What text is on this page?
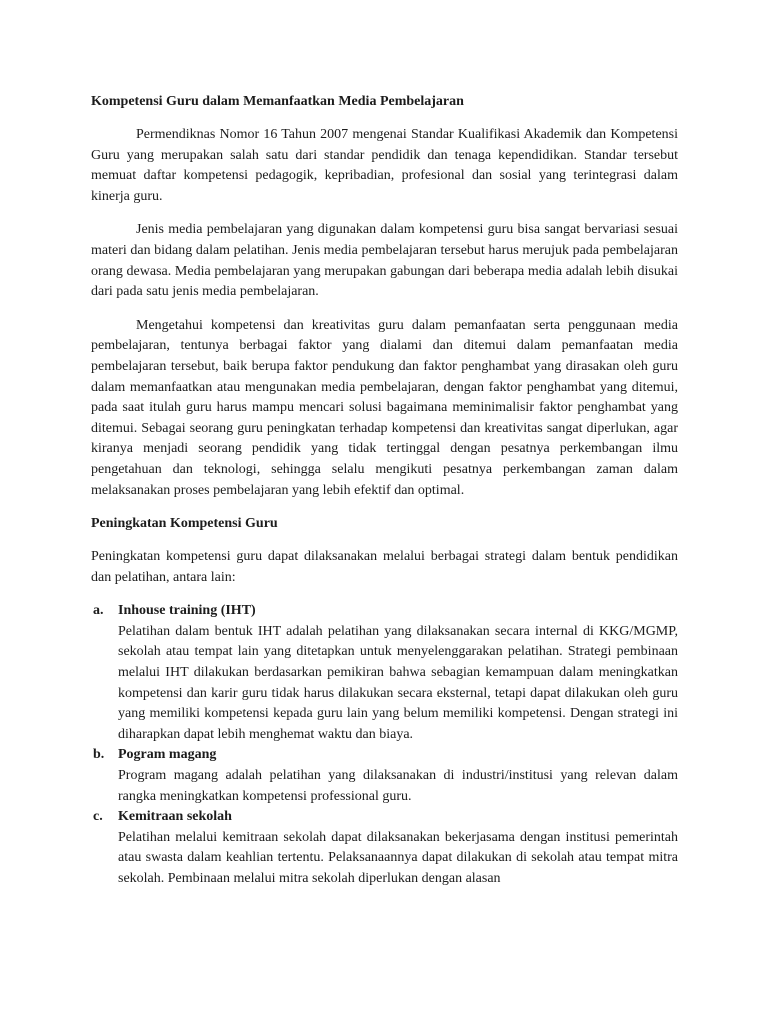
Kompetensi Guru dalam Memanfaatkan Media Pembelajaran

Permendiknas Nomor 16 Tahun 2007 mengenai Standar Kualifikasi Akademik dan Kompetensi Guru yang merupakan salah satu dari standar pendidik dan tenaga kependidikan. Standar tersebut memuat daftar kompetensi pedagogik, kepribadian, profesional dan sosial yang terintegrasi dalam kinerja guru.

Jenis media pembelajaran yang digunakan dalam kompetensi guru bisa sangat bervariasi sesuai materi dan bidang dalam pelatihan. Jenis media pembelajaran tersebut harus merujuk pada pembelajaran orang dewasa. Media pembelajaran yang merupakan gabungan dari beberapa media adalah lebih disukai dari pada satu jenis media pembelajaran.

Mengetahui kompetensi dan kreativitas guru dalam pemanfaatan serta penggunaan media pembelajaran, tentunya berbagai faktor yang dialami dan ditemui dalam pemanfaatan media pembelajaran tersebut, baik berupa faktor pendukung dan faktor penghambat yang dirasakan oleh guru dalam memanfaatkan atau mengunakan media pembelajaran, dengan faktor penghambat yang ditemui, pada saat itulah guru harus mampu mencari solusi bagaimana meminimalisir faktor penghambat yang ditemui. Sebagai seorang guru peningkatan terhadap kompetensi dan kreativitas sangat diperlukan, agar kiranya menjadi seorang pendidik yang tidak tertinggal dengan pesatnya perkembangan ilmu pengetahuan dan teknologi, sehingga selalu mengikuti pesatnya perkembangan zaman dalam melaksanakan proses pembelajaran yang lebih efektif dan optimal.

Peningkatan Kompetensi Guru

Peningkatan kompetensi guru dapat dilaksanakan melalui berbagai strategi dalam bentuk pendidikan dan pelatihan, antara lain:

a. Inhouse training (IHT)
Pelatihan dalam bentuk IHT adalah pelatihan yang dilaksanakan secara internal di KKG/MGMP, sekolah atau tempat lain yang ditetapkan untuk menyelenggarakan pelatihan. Strategi pembinaan melalui IHT dilakukan berdasarkan pemikiran bahwa sebagian kemampuan dalam meningkatkan kompetensi dan karir guru tidak harus dilakukan secara eksternal, tetapi dapat dilakukan oleh guru yang memiliki kompetensi kepada guru lain yang belum memiliki kompetensi. Dengan strategi ini diharapkan dapat lebih menghemat waktu dan biaya.
b. Pogram magang
Program magang adalah pelatihan yang dilaksanakan di industri/institusi yang relevan dalam rangka meningkatkan kompetensi professional guru.
c. Kemitraan sekolah
Pelatihan melalui kemitraan sekolah dapat dilaksanakan bekerjasama dengan institusi pemerintah atau swasta dalam keahlian tertentu. Pelaksanaannya dapat dilakukan di sekolah atau tempat mitra sekolah. Pembinaan melalui mitra sekolah diperlukan dengan alasan
